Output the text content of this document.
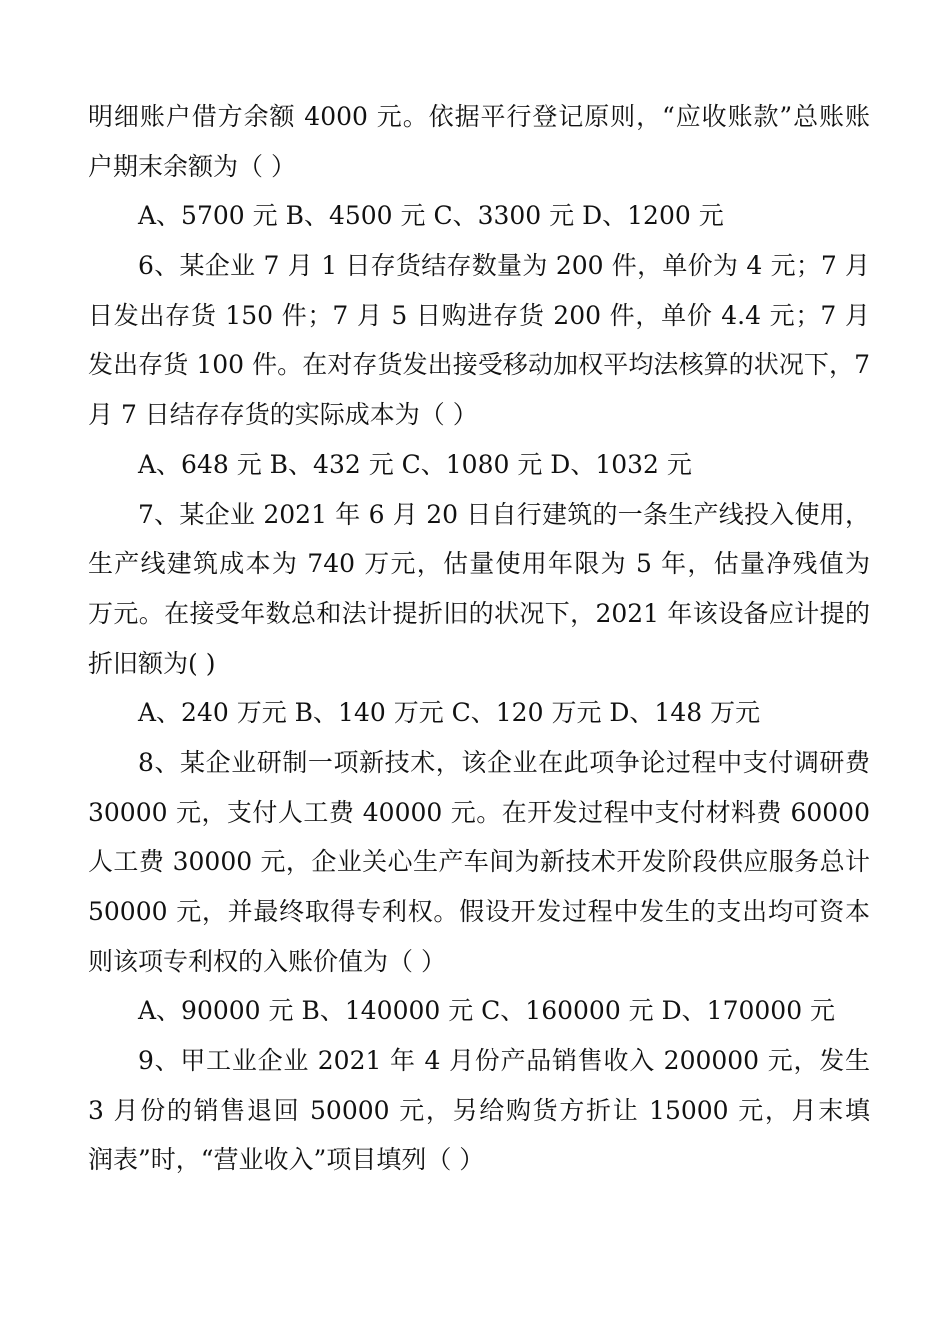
明细账户借方余额 4000 元。依据平行登记原则，“应收账款”总账账
户期末余额为（ ）
A、5700 元 B、4500 元 C、3300 元 D、1200 元
6、某企业 7 月 1 日存货结存数量为 200 件，单价为 4 元；7 月
日发出存货 150 件；7 月 5 日购进存货 200 件，单价 4.4 元；7 月
发出存货 100 件。在对存货发出接受移动加权平均法核算的状况下，7
月 7 日结存存货的实际成本为（ ）
A、648 元 B、432 元 C、1080 元 D、1032 元
7、某企业 2021 年 6 月 20 日自行建筑的一条生产线投入使用，
生产线建筑成本为 740 万元，估量使用年限为 5 年，估量净残值为
万元。在接受年数总和法计提折旧的状况下，2021 年该设备应计提的
折旧额为( )
A、240 万元 B、140 万元 C、120 万元 D、148 万元
8、某企业研制一项新技术，该企业在此项争论过程中支付调研费
30000 元，支付人工费 40000 元。在开发过程中支付材料费 60000
人工费 30000 元，企业关心生产车间为新技术开发阶段供应服务总计
50000 元，并最终取得专利权。假设开发过程中发生的支出均可资本
则该项专利权的入账价值为（ ）
A、90000 元 B、140000 元 C、160000 元 D、170000 元
9、甲工业企业 2021 年 4 月份产品销售收入 200000 元，发生
3 月份的销售退回 50000 元，另给购货方折让 15000 元，月末填
润表”时，“营业收入”项目填列（ ）
